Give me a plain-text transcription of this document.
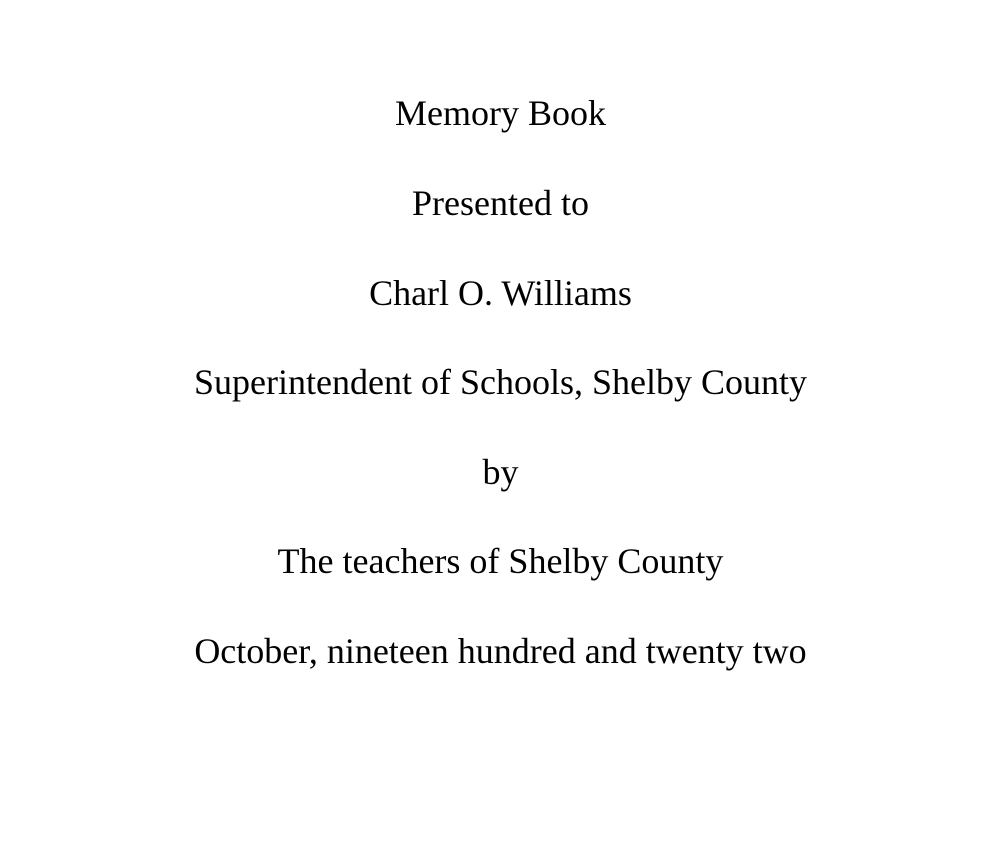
Memory Book
Presented to
Charl O. Williams
Superintendent of Schools, Shelby County
by
The teachers of Shelby County
October, nineteen hundred and twenty two
